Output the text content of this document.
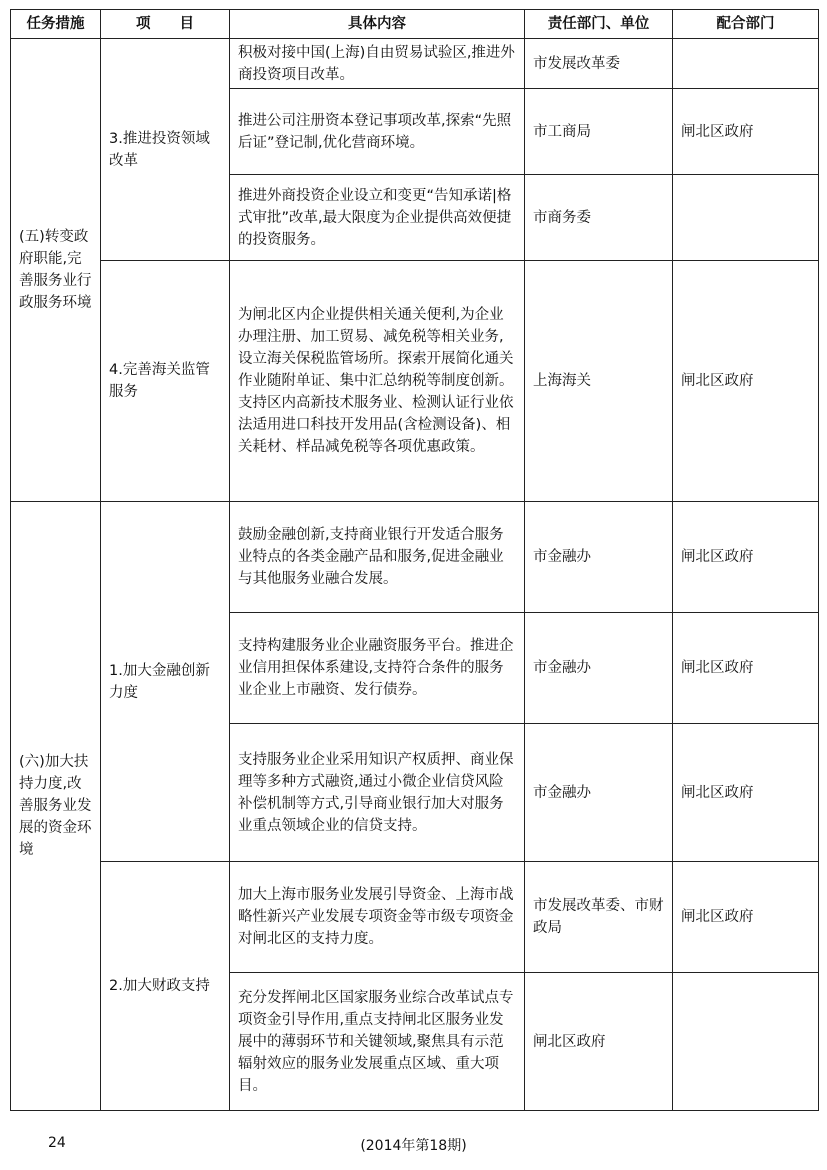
任务措施	项　　目	具体内容	责任部门、单位	配合部门
(五)转变政府职能,完善服务业行政服务环境	3.推进投资领域改革	积极对接中国(上海)自由贸易试验区,推进外商投资项目改革。	市发展改革委	
		推进公司注册资本登记事项改革,探索“先照后证”登记制,优化营商环境。	市工商局	闸北区政府
		推进外商投资企业设立和变更“告知承诺|格式审批”改革,最大限度为企业提供高效便捷的投资服务。	市商务委	
	4.完善海关监管服务	为闸北区内企业提供相关通关便利,为企业办理注册、加工贸易、减免税等相关业务,设立海关保税监管场所。探索开展简化通关作业随附单证、集中汇总纳税等制度创新。支持区内高新技术服务业、检测认证行业依法适用进口科技开发用品(含检测设备)、相关耗材、样品减免税等各项优惠政策。	上海海关	闸北区政府
(六)加大扶持力度,改善服务业发展的资金环境	1.加大金融创新力度	鼓励金融创新,支持商业银行开发适合服务业特点的各类金融产品和服务,促进金融业与其他服务业融合发展。	市金融办	闸北区政府
		支持构建服务业企业融资服务平台。推进企业信用担保体系建设,支持符合条件的服务业企业上市融资、发行债券。	市金融办	闸北区政府
		支持服务业企业采用知识产权质押、商业保理等多种方式融资,通过小微企业信贷风险补偿机制等方式,引导商业银行加大对服务业重点领域企业的信贷支持。	市金融办	闸北区政府
	2.加大财政支持	加大上海市服务业发展引导资金、上海市战略性新兴产业发展专项资金等市级专项资金对闸北区的支持力度。	市发展改革委、市财政局	闸北区政府
		充分发挥闸北区国家服务业综合改革试点专项资金引导作用,重点支持闸北区服务业发展中的薄弱环节和关键领域,聚焦具有示范辐射效应的服务业发展重点区域、重大项目。	闸北区政府	
(2014年第18期)
24
